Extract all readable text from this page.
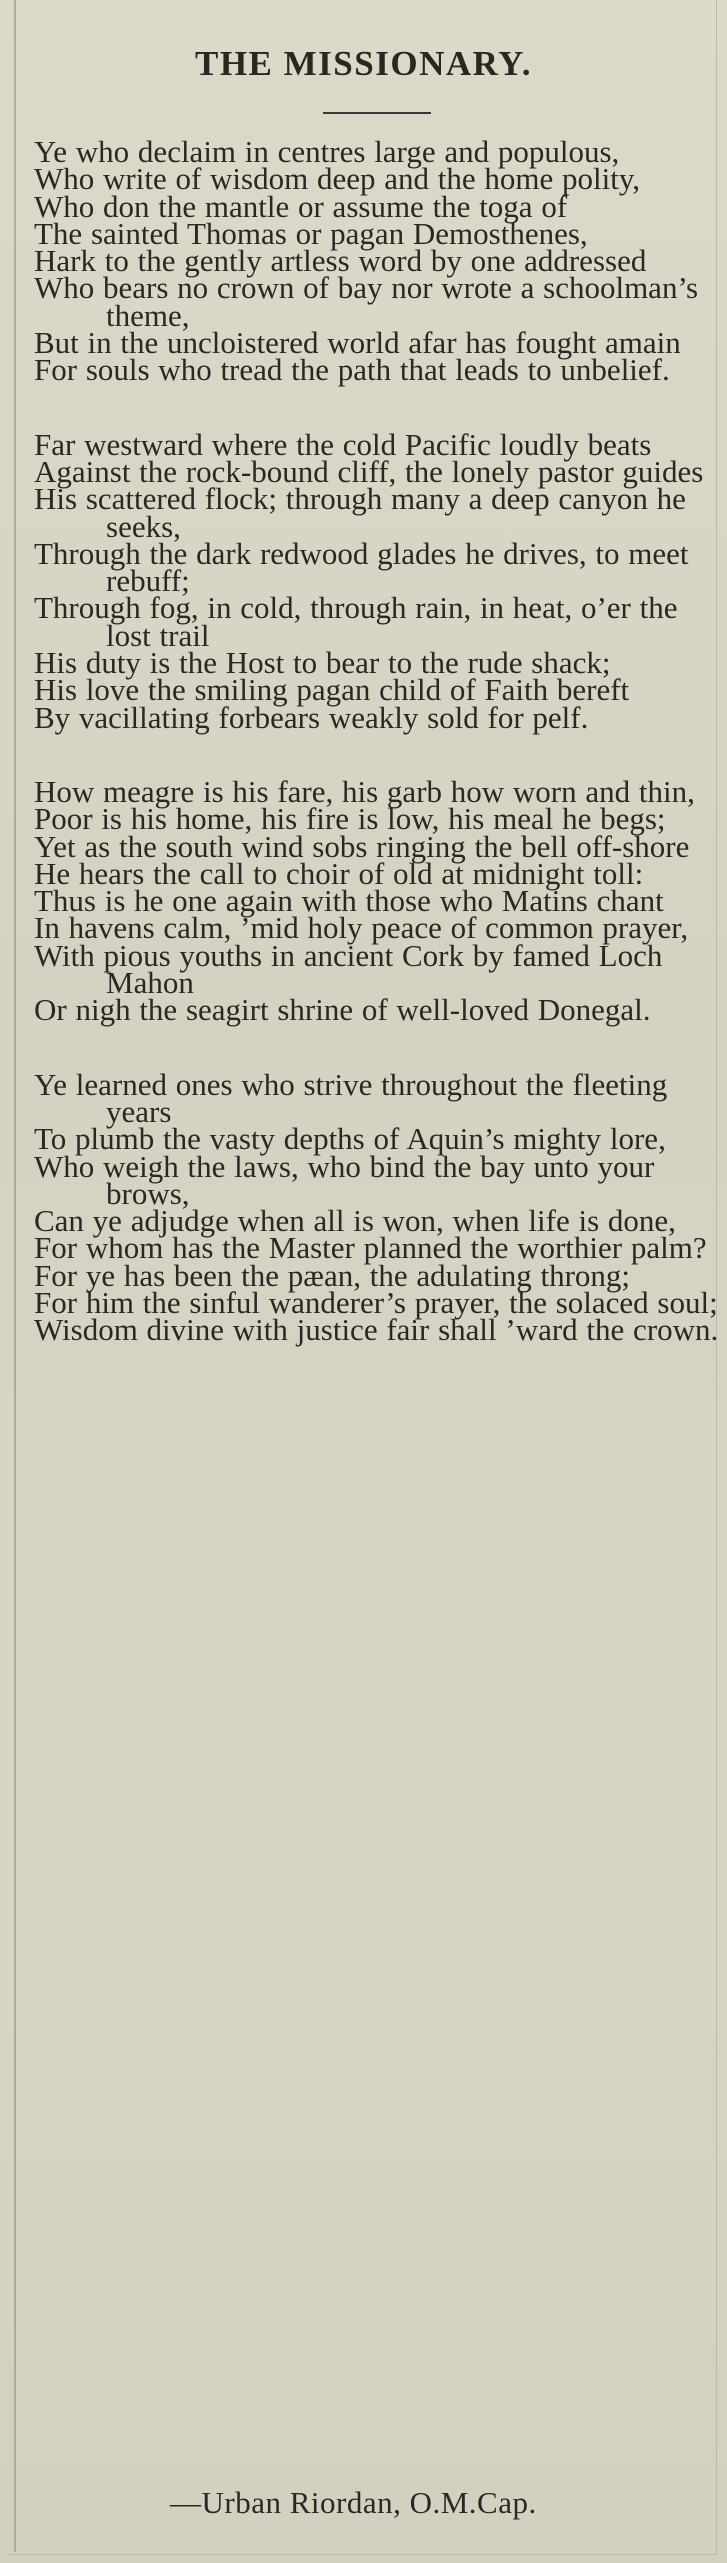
THE MISSIONARY.
Ye who declaim in centres large and populous,
Who write of wisdom deep and the home polity,
Who don the mantle or assume the toga of
The sainted Thomas or pagan Demosthenes,
Hark to the gently artless word by one addressed
Who bears no crown of bay nor wrote a schoolman’s theme,
But in the uncloistered world afar has fought amain
For souls who tread the path that leads to unbelief.
Far westward where the cold Pacific loudly beats
Against the rock-bound cliff, the lonely pastor guides
His scattered flock; through many a deep canyon he seeks,
Through the dark redwood glades he drives, to meet rebuff;
Through fog, in cold, through rain, in heat, o’er the lost trail
His duty is the Host to bear to the rude shack;
His love the smiling pagan child of Faith bereft
By vacillating forbears weakly sold for pelf.
How meagre is his fare, his garb how worn and thin,
Poor is his home, his fire is low, his meal he begs;
Yet as the south wind sobs ringing the bell off-shore
He hears the call to choir of old at midnight toll:
Thus is he one again with those who Matins chant
In havens calm, ’mid holy peace of common prayer,
With pious youths in ancient Cork by famed Loch Mahon
Or nigh the seagirt shrine of well-loved Donegal.
Ye learned ones who strive throughout the fleeting years
To plumb the vasty depths of Aquin’s mighty lore,
Who weigh the laws, who bind the bay unto your brows,
Can ye adjudge when all is won, when life is done,
For whom has the Master planned the worthier palm?
For ye has been the pæan, the adulating throng;
For him the sinful wanderer’s prayer, the solaced soul;
Wisdom divine with justice fair shall ’ward the crown.
—Urban Riordan, O.M.Cap.
